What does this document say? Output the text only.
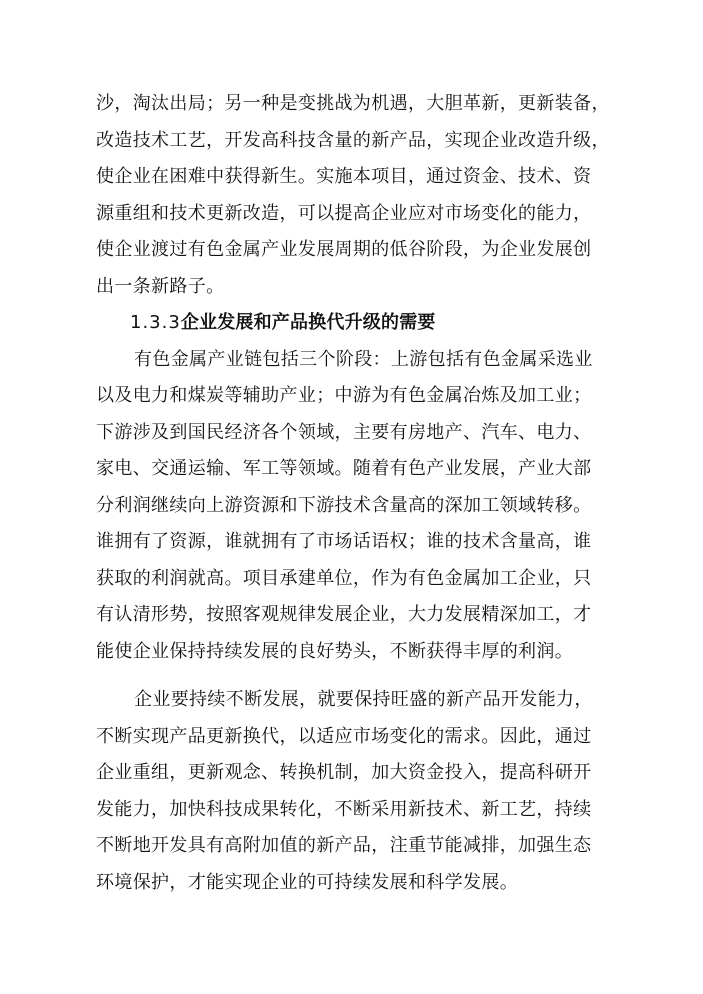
沙，淘汰出局；另一种是变挑战为机遇，大胆革新，更新装备，
改造技术工艺，开发高科技含量的新产品，实现企业改造升级，
使企业在困难中获得新生。实施本项目，通过资金、技术、资
源重组和技术更新改造，可以提高企业应对市场变化的能力，
使企业渡过有色金属产业发展周期的低谷阶段，为企业发展创
出一条新路子。
1.3.3企业发展和产品换代升级的需要
有色金属产业链包括三个阶段：上游包括有色金属采选业
以及电力和煤炭等辅助产业；中游为有色金属冶炼及加工业；
下游涉及到国民经济各个领域，主要有房地产、汽车、电力、
家电、交通运输、军工等领域。随着有色产业发展，产业大部
分利润继续向上游资源和下游技术含量高的深加工领域转移。
谁拥有了资源，谁就拥有了市场话语权；谁的技术含量高，谁
获取的利润就高。项目承建单位，作为有色金属加工企业，只
有认清形势，按照客观规律发展企业，大力发展精深加工，才
能使企业保持持续发展的良好势头，不断获得丰厚的利润。
企业要持续不断发展，就要保持旺盛的新产品开发能力，
不断实现产品更新换代，以适应市场变化的需求。因此，通过
企业重组，更新观念、转换机制，加大资金投入，提高科研开
发能力，加快科技成果转化，不断采用新技术、新工艺，持续
不断地开发具有高附加值的新产品，注重节能减排，加强生态
环境保护，才能实现企业的可持续发展和科学发展。
